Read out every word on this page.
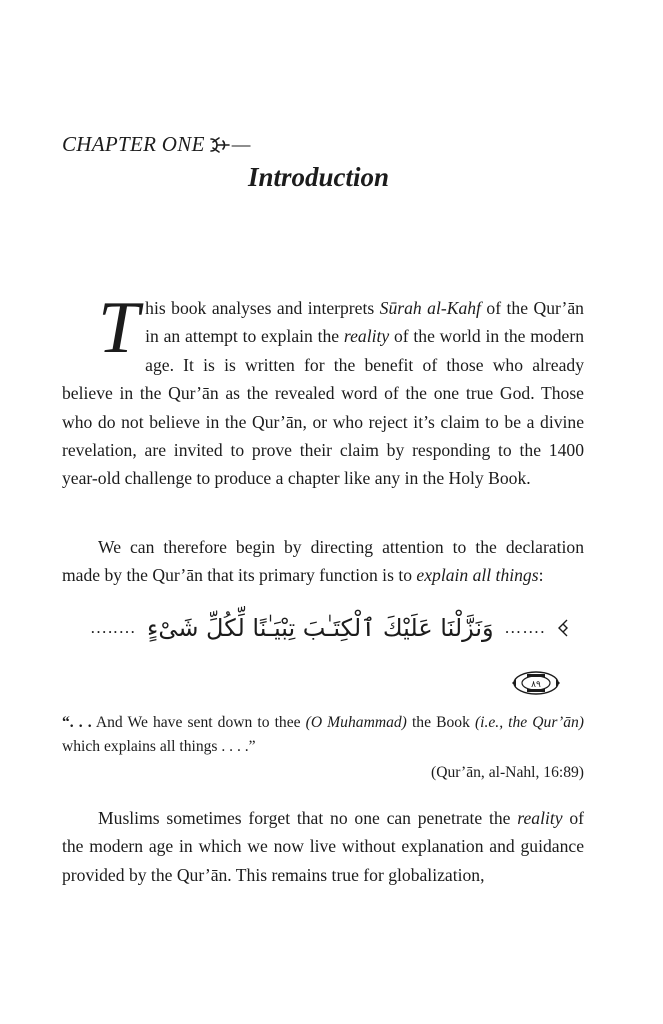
CHAPTER ONE —
Introduction

This book analyses and interprets Sūrah al-Kahf of the Qur’ān in an attempt to explain the reality of the world in the modern age. It is is written for the benefit of those who already believe in the Qur’ān as the revealed word of the one true God. Those who do not believe in the Qur’ān, or who reject it’s claim to be a divine revelation, are invited to prove their claim by responding to the 1400 year-old challenge to produce a chapter like any in the Holy Book.

We can therefore begin by directing attention to the declaration made by the Qur’ān that its primary function is to explain all things:

…..… وَنَزَّلْنَا عَلَيْكَ ٱلْكِتَـٰبَ تِبْيَـٰنًا لِّكُلِّ شَىْءٍ …….
٨٩

“. . . And We have sent down to thee (O Muhammad) the Book (i.e., the Qur’ān) which explains all things . . . .”

(Qur’ān, al-Nahl, 16:89)

Muslims sometimes forget that no one can penetrate the reality of the modern age in which we now live without explanation and guidance provided by the Qur’ān. This remains true for globalization,
